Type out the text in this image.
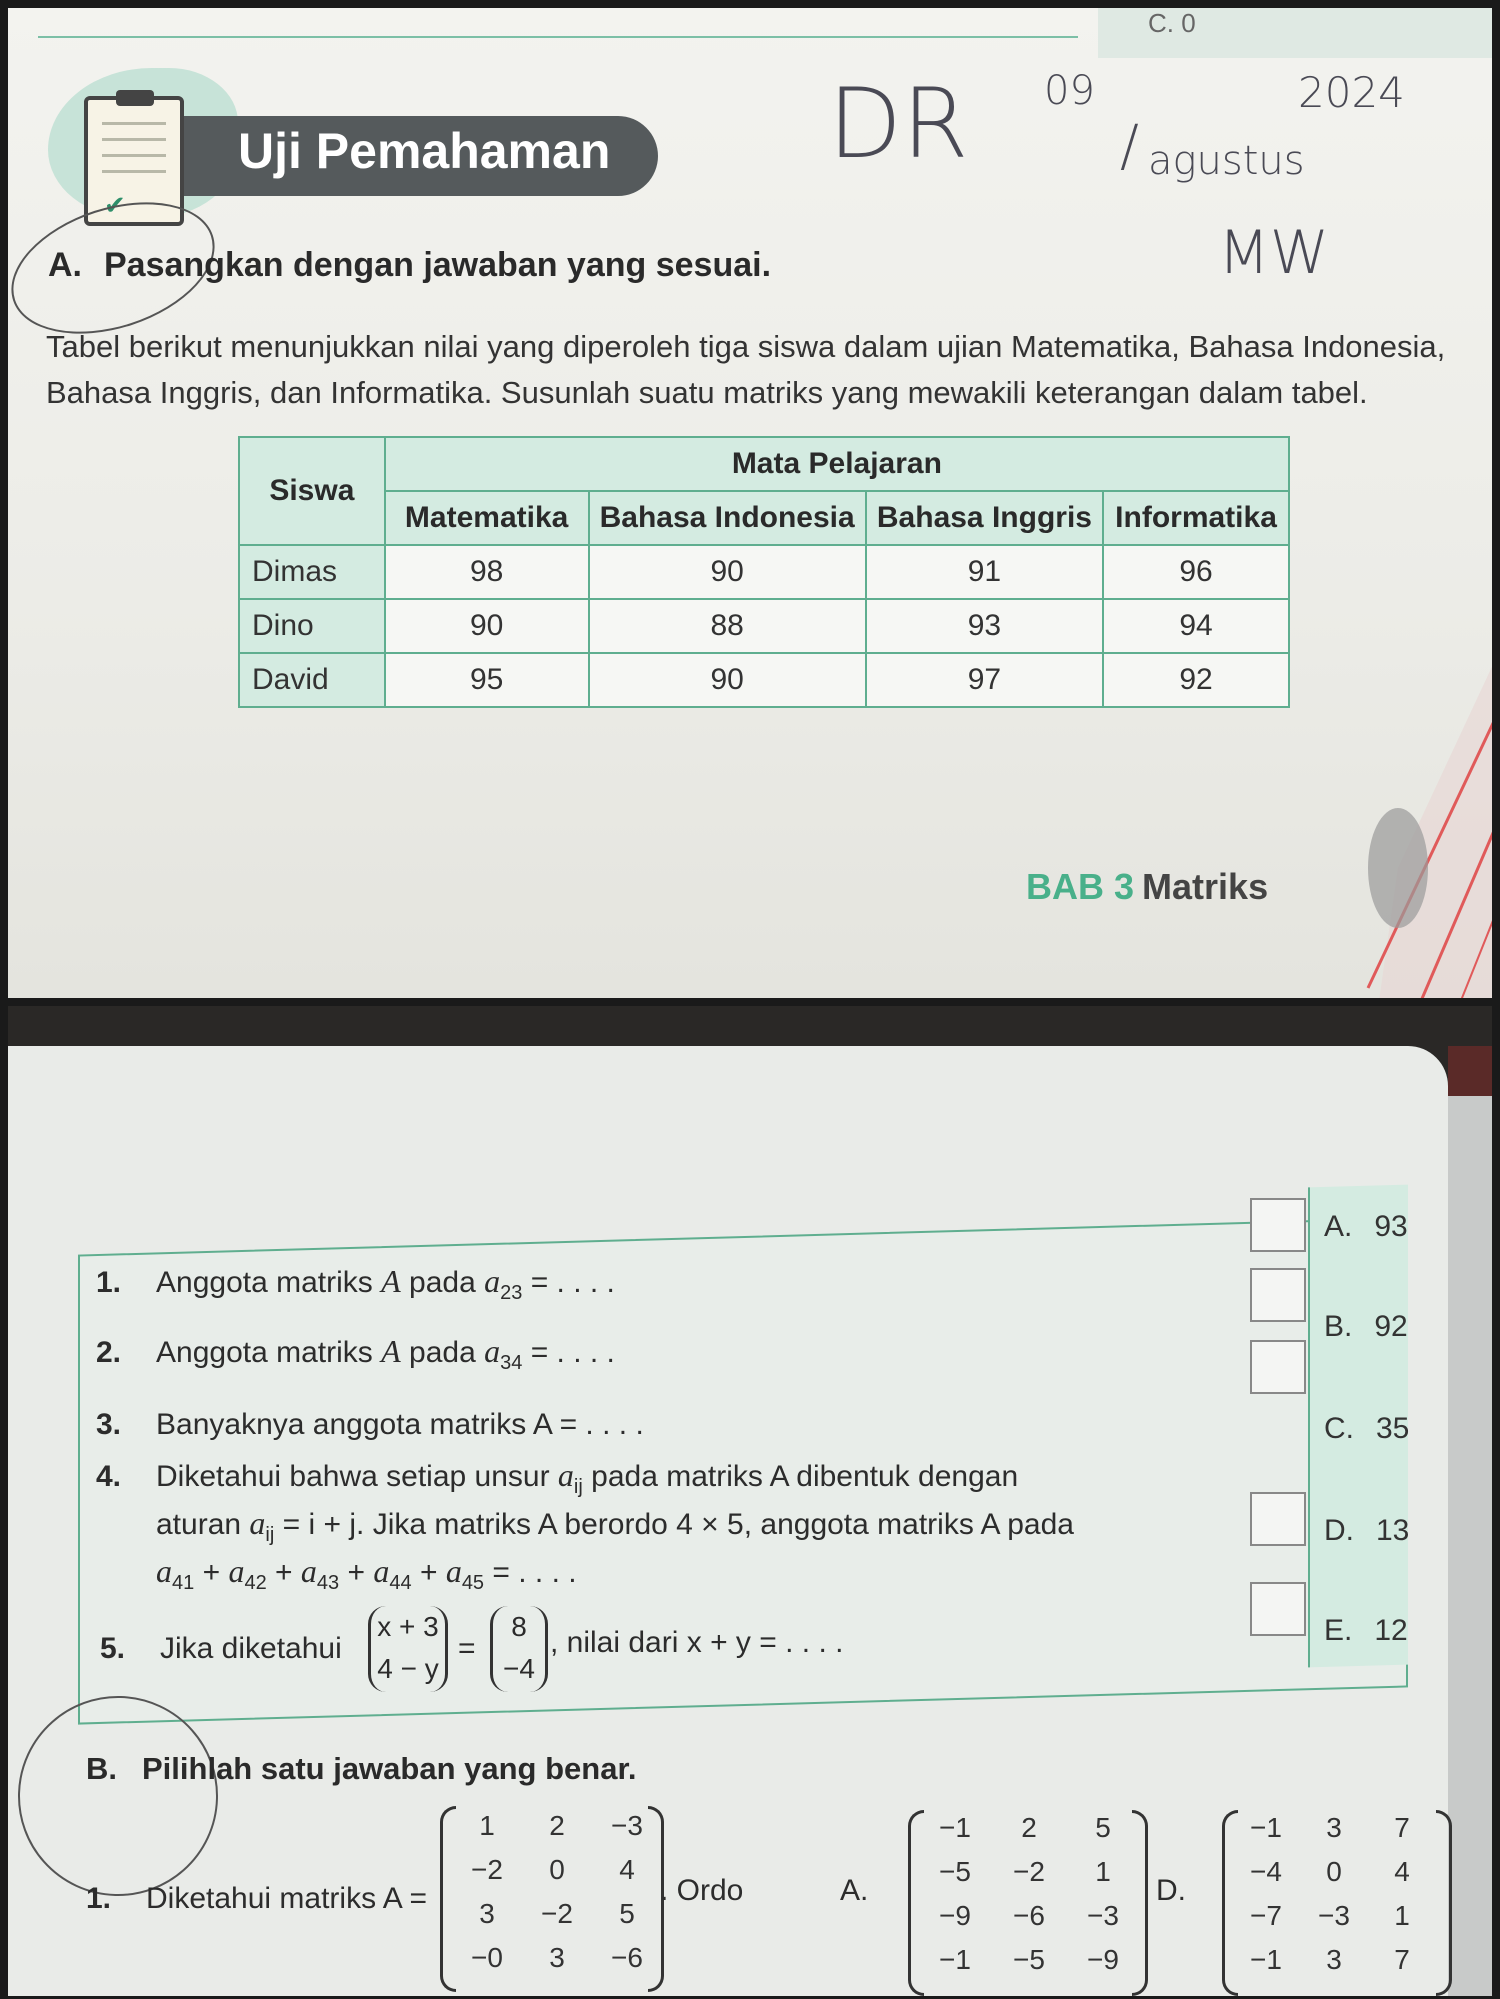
C. 0
✔
Uji Pemahaman DR 09
/ agustus
2024
MW
A. Pasangkan dengan jawaban yang sesuai.
Tabel berikut menunjukkan nilai yang diperoleh tiga siswa dalam ujian Matematika, Bahasa Indonesia, Bahasa Inggris, dan Informatika. Susunlah suatu matriks yang mewakili keterangan dalam tabel.
Siswa	Mata Pelajaran			
	Matematika	Bahasa Indonesia	Bahasa Inggris	Informatika
Dimas	98	90	91	96
Dino	90	88	93	94
David	95	90	97	92
BAB 3 Matriks
1. Anggota matriks A pada $a_{23}$ = . . . .
2. Anggota matriks A pada $a_{34}$ = . . . .
3. Banyaknya anggota matriks A = . . . .
4. Diketahui bahwa setiap unsur $a_{ij}$ pada matriks A dibentuk dengan
aturan $a_{ij} = i + j$. Jika matriks A berordo 4 × 5, anggota matriks A pada
$a_{41} + a_{42} + a_{43} + a_{44} + a_{45}$ = . . . .
5. Jika diketahui
x + 3
4 − y
=
8
−4
, nilai dari x + y = . . . .
A. 93
B. 92
C. 35
D. 13
E. 12
B. Pilihlah satu jawaban yang benar.
1. Diketahui matriks A =
1	2	−3
−2	0	4
3	−2	5
−0	3	−6
. Ordo	A.
−1	2	5
−5	−2	1
−9	−6	−3
−1	−5	−9
D.
−1	3	7
−4	0	4
−7	−3	1
−1	3	7
